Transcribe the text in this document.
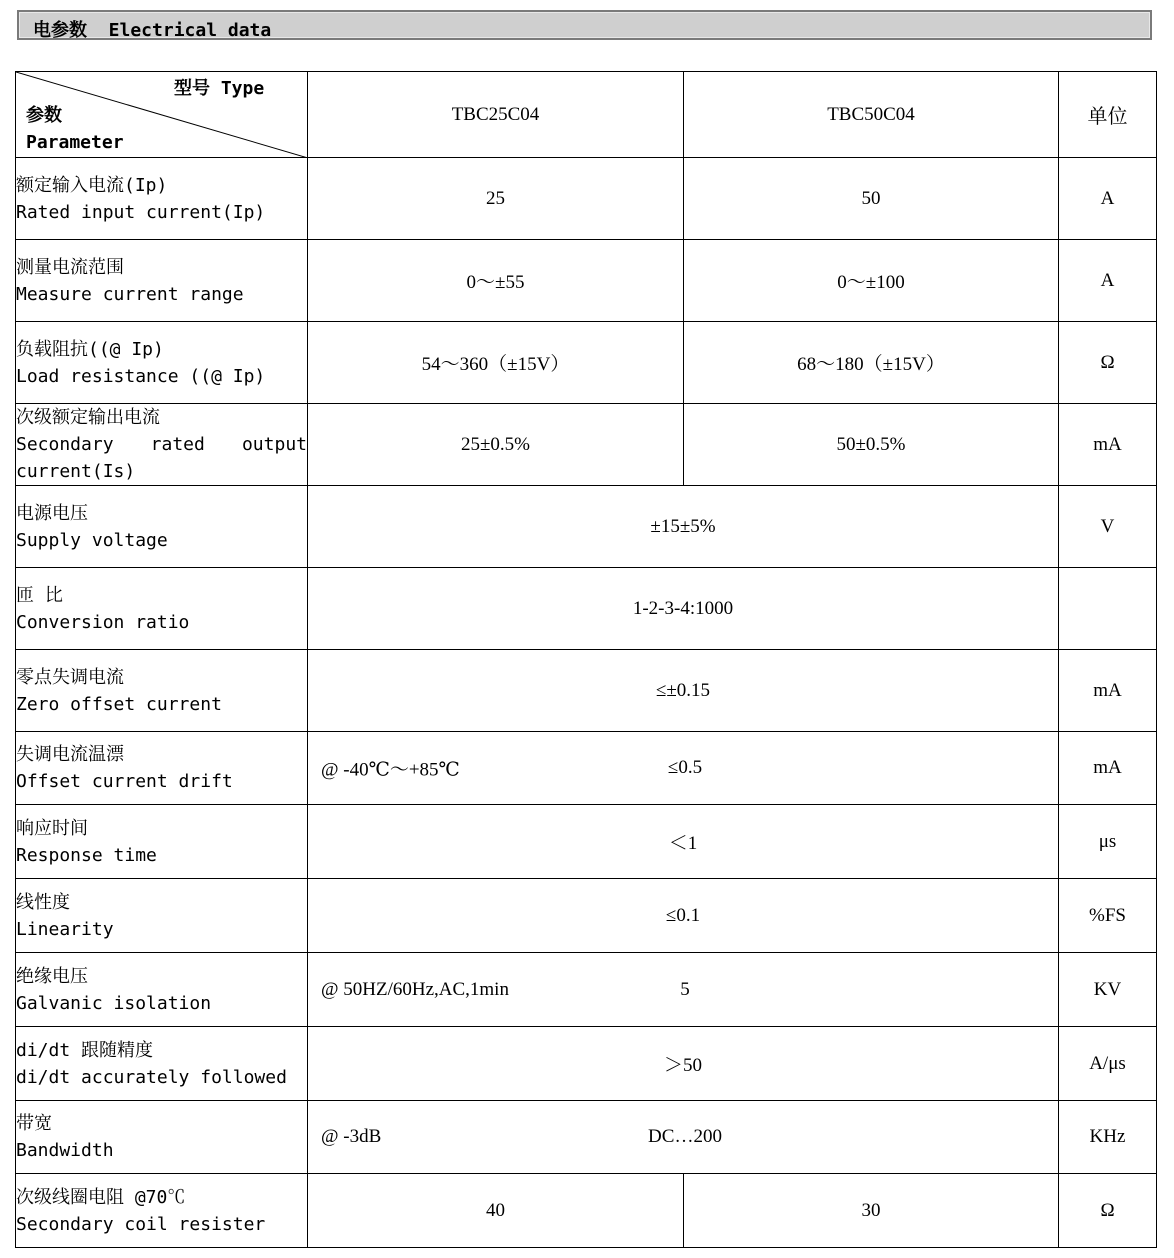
电参数  Electrical data
型号 Type
参数
Parameter	TBC25C04	TBC50C04	单位
额定输入电流(Ip)
Rated input current(Ip)	25	50	A
测量电流范围
Measure current range	0～±55	0～±100	A
负载阻抗((@ Ip)
Load resistance ((@ Ip)	54～360（±15V）	68～180（±15V）	Ω
次级额定输出电流
Secondary rated output current(Is)	25±0.5%	50±0.5%	mA
电源电压
Supply voltage	±15±5%		V
匝 比
Conversion ratio	1-2-3-4:1000		
零点失调电流
Zero offset current	≤±0.15		mA
失调电流温漂
Offset current drift	@ -40℃～+85℃ ≤0.5		mA
响应时间
Response time	＜1		μs
线性度
Linearity	≤0.1		%FS
绝缘电压
Galvanic isolation	@ 50HZ/60Hz,AC,1min 5		KV
di/dt 跟随精度
di/dt accurately followed	＞50		A/μs
带宽
Bandwidth	@ -3dB DC…200		KHz
次级线圈电阻 @70℃
Secondary coil resister	40	30	Ω
